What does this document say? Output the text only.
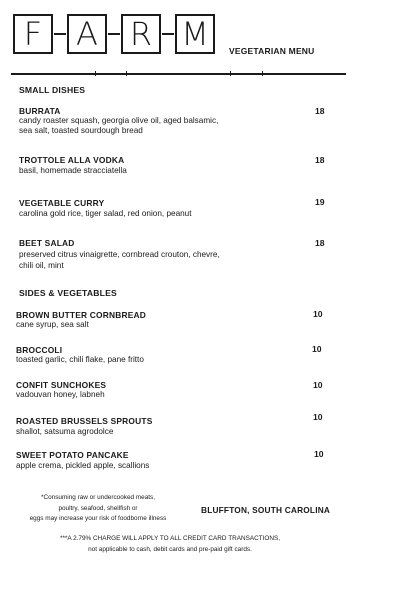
F A R M VEGETARIAN MENU
SMALL DISHES
BURRATA	18
candy roaster squash, georgia olive oil, aged balsamic,
sea salt, toasted sourdough bread
TROTTOLE ALLA VODKA	18
basil, homemade stracciatella
VEGETABLE CURRY	19
carolina gold rice, tiger salad, red onion, peanut
BEET SALAD	18
preserved citrus vinaigrette, cornbread crouton, chevre,
chili oil, mint
SIDES & VEGETABLES
BROWN BUTTER CORNBREAD	10
cane syrup, sea salt
BROCCOLI	10
toasted garlic, chili flake, pane fritto
CONFIT SUNCHOKES	10
vadouvan honey, labneh
ROASTED BRUSSELS SPROUTS	10
shallot, satsuma agrodolce
SWEET POTATO PANCAKE	10
apple crema, pickled apple, scallions
*Consuming raw or undercooked meats,
poultry, seafood, shellfish or
eggs may increase your risk of foodborne illness
BLUFFTON, SOUTH CAROLINA
***A 2.79% CHARGE WILL APPLY TO ALL CREDIT CARD TRANSACTIONS,
not applicable to cash, debit cards and pre-paid gift cards.
